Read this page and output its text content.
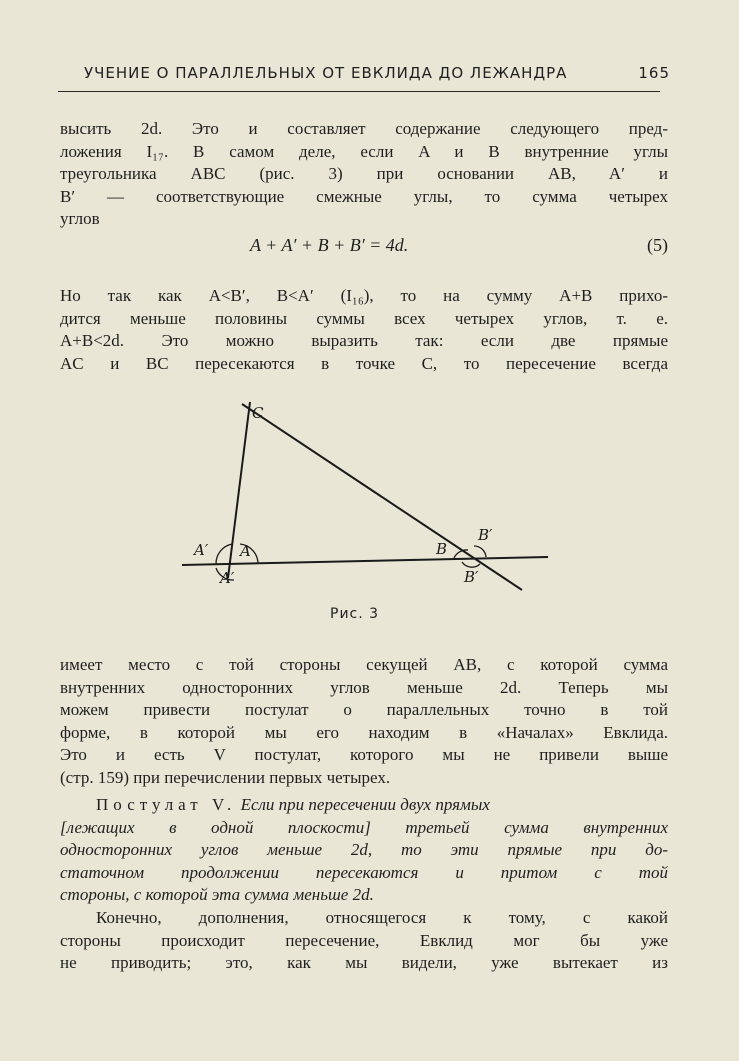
УЧЕНИЕ О ПАРАЛЛЕЛЬНЫХ ОТ ЕВКЛИДА ДО ЛЕЖАНДРА	165
высить 2d. Это и составляет содержание следующего пред-
ложения I₁₇. В самом деле, если A и B внутренние углы
треугольника ABC (рис. 3) при основании AB, A′ и
B′ — соответствующие смежные углы, то сумма четырех
углов
A + A′ + B + B′ = 4d.	(5)
Но так как A<B′, B<A′ (I₁₆), то на сумму A+B прихо-
дится меньше половины суммы всех четырех углов, т. е.
A+B<2d. Это можно выразить так: если две прямые
AC и BC пересекаются в точке C, то пересечение всегда
C
A′ A
A′
B
B′
B′
Рис. 3
имеет место с той стороны секущей AB, с которой сумма
внутренних односторонних углов меньше 2d. Теперь мы
можем привести постулат о параллельных точно в той
форме, в которой мы его находим в «Началах» Евклида.
Это и есть V постулат, которого мы не привели выше
(стр. 159) при перечислении первых четырех.
Постулат V. Если при пересечении двух прямых
[лежащих в одной плоскости] третьей сумма внутренних
односторонних углов меньше 2d, то эти прямые при до-
статочном продолжении пересекаются и притом с той
стороны, с которой эта сумма меньше 2d.
Конечно, дополнения, относящегося к тому, с какой
стороны происходит пересечение, Евклид мог бы уже
не приводить; это, как мы видели, уже вытекает из
